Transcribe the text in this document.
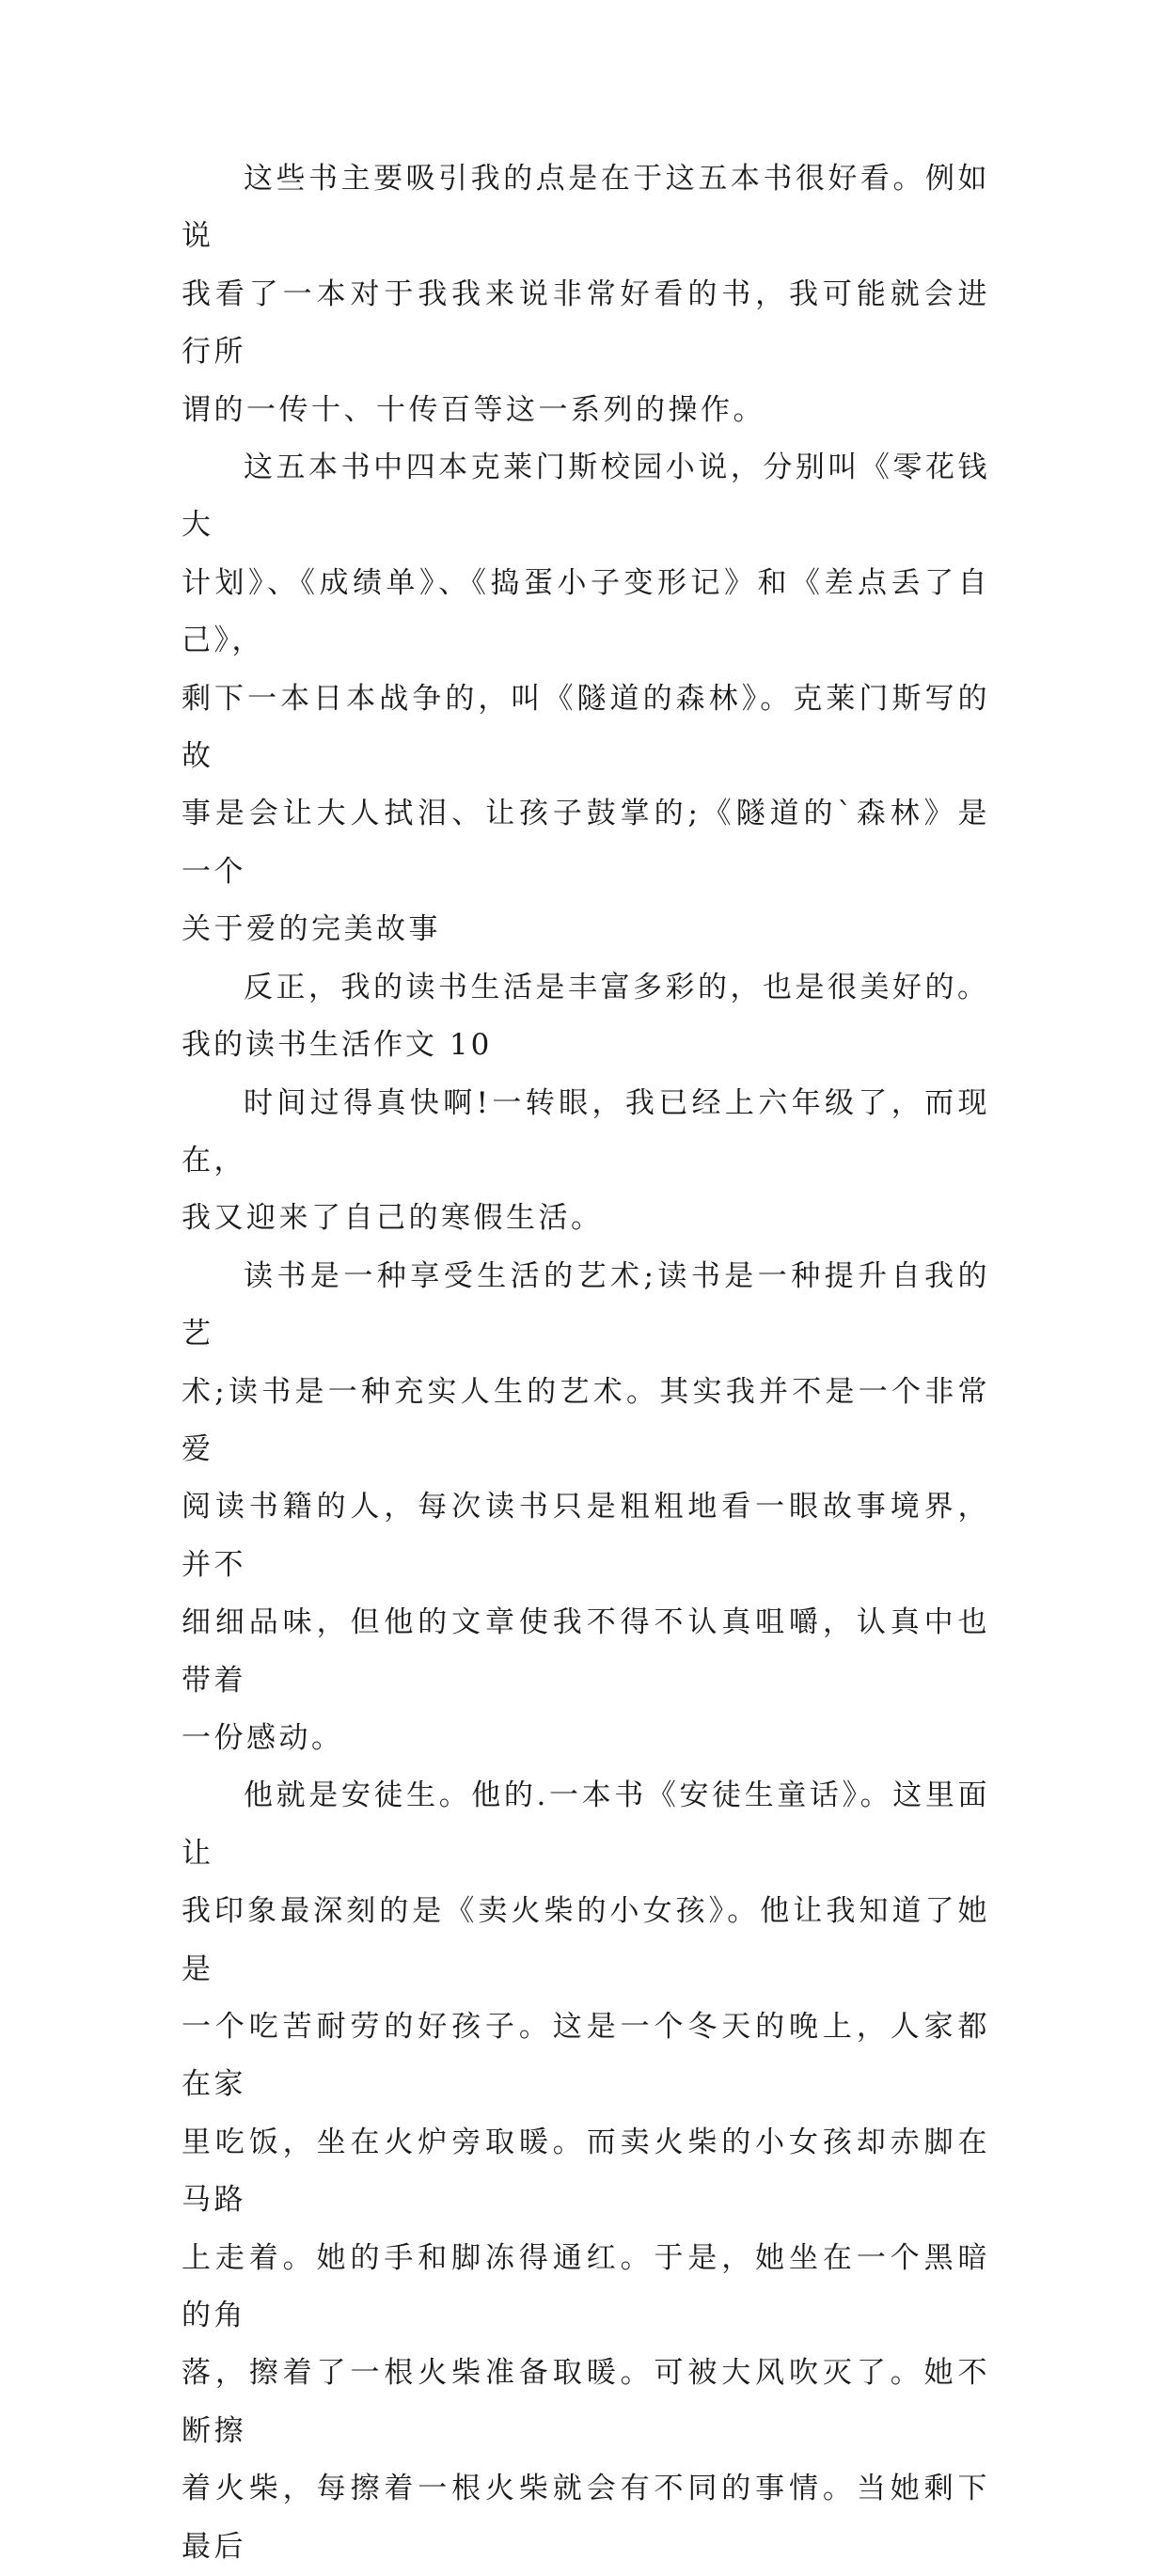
这些书主要吸引我的点是在于这五本书很好看。例如说
我看了一本对于我我来说非常好看的书，我可能就会进行所
谓的一传十、十传百等这一系列的操作。

这五本书中四本克莱门斯校园小说，分别叫《零花钱大
计划》、《成绩单》、《捣蛋小子变形记》和《差点丢了自己》，
剩下一本日本战争的，叫《隧道的森林》。克莱门斯写的故
事是会让大人拭泪、让孩子鼓掌的;《隧道的`森林》是一个
关于爱的完美故事

反正，我的读书生活是丰富多彩的，也是很美好的。

我的读书生活作文 10

时间过得真快啊!一转眼，我已经上六年级了，而现在，
我又迎来了自己的寒假生活。

读书是一种享受生活的艺术;读书是一种提升自我的艺
术;读书是一种充实人生的艺术。其实我并不是一个非常爱
阅读书籍的人，每次读书只是粗粗地看一眼故事境界，并不
细细品味，但他的文章使我不得不认真咀嚼，认真中也带着
一份感动。

他就是安徒生。他的.一本书《安徒生童话》。这里面让
我印象最深刻的是《卖火柴的小女孩》。他让我知道了她是
一个吃苦耐劳的好孩子。这是一个冬天的晚上，人家都在家
里吃饭，坐在火炉旁取暖。而卖火柴的小女孩却赤脚在马路
上走着。她的手和脚冻得通红。于是，她坐在一个黑暗的角
落，擦着了一根火柴准备取暖。可被大风吹灭了。她不断擦
着火柴，每擦着一根火柴就会有不同的事情。当她剩下最后
